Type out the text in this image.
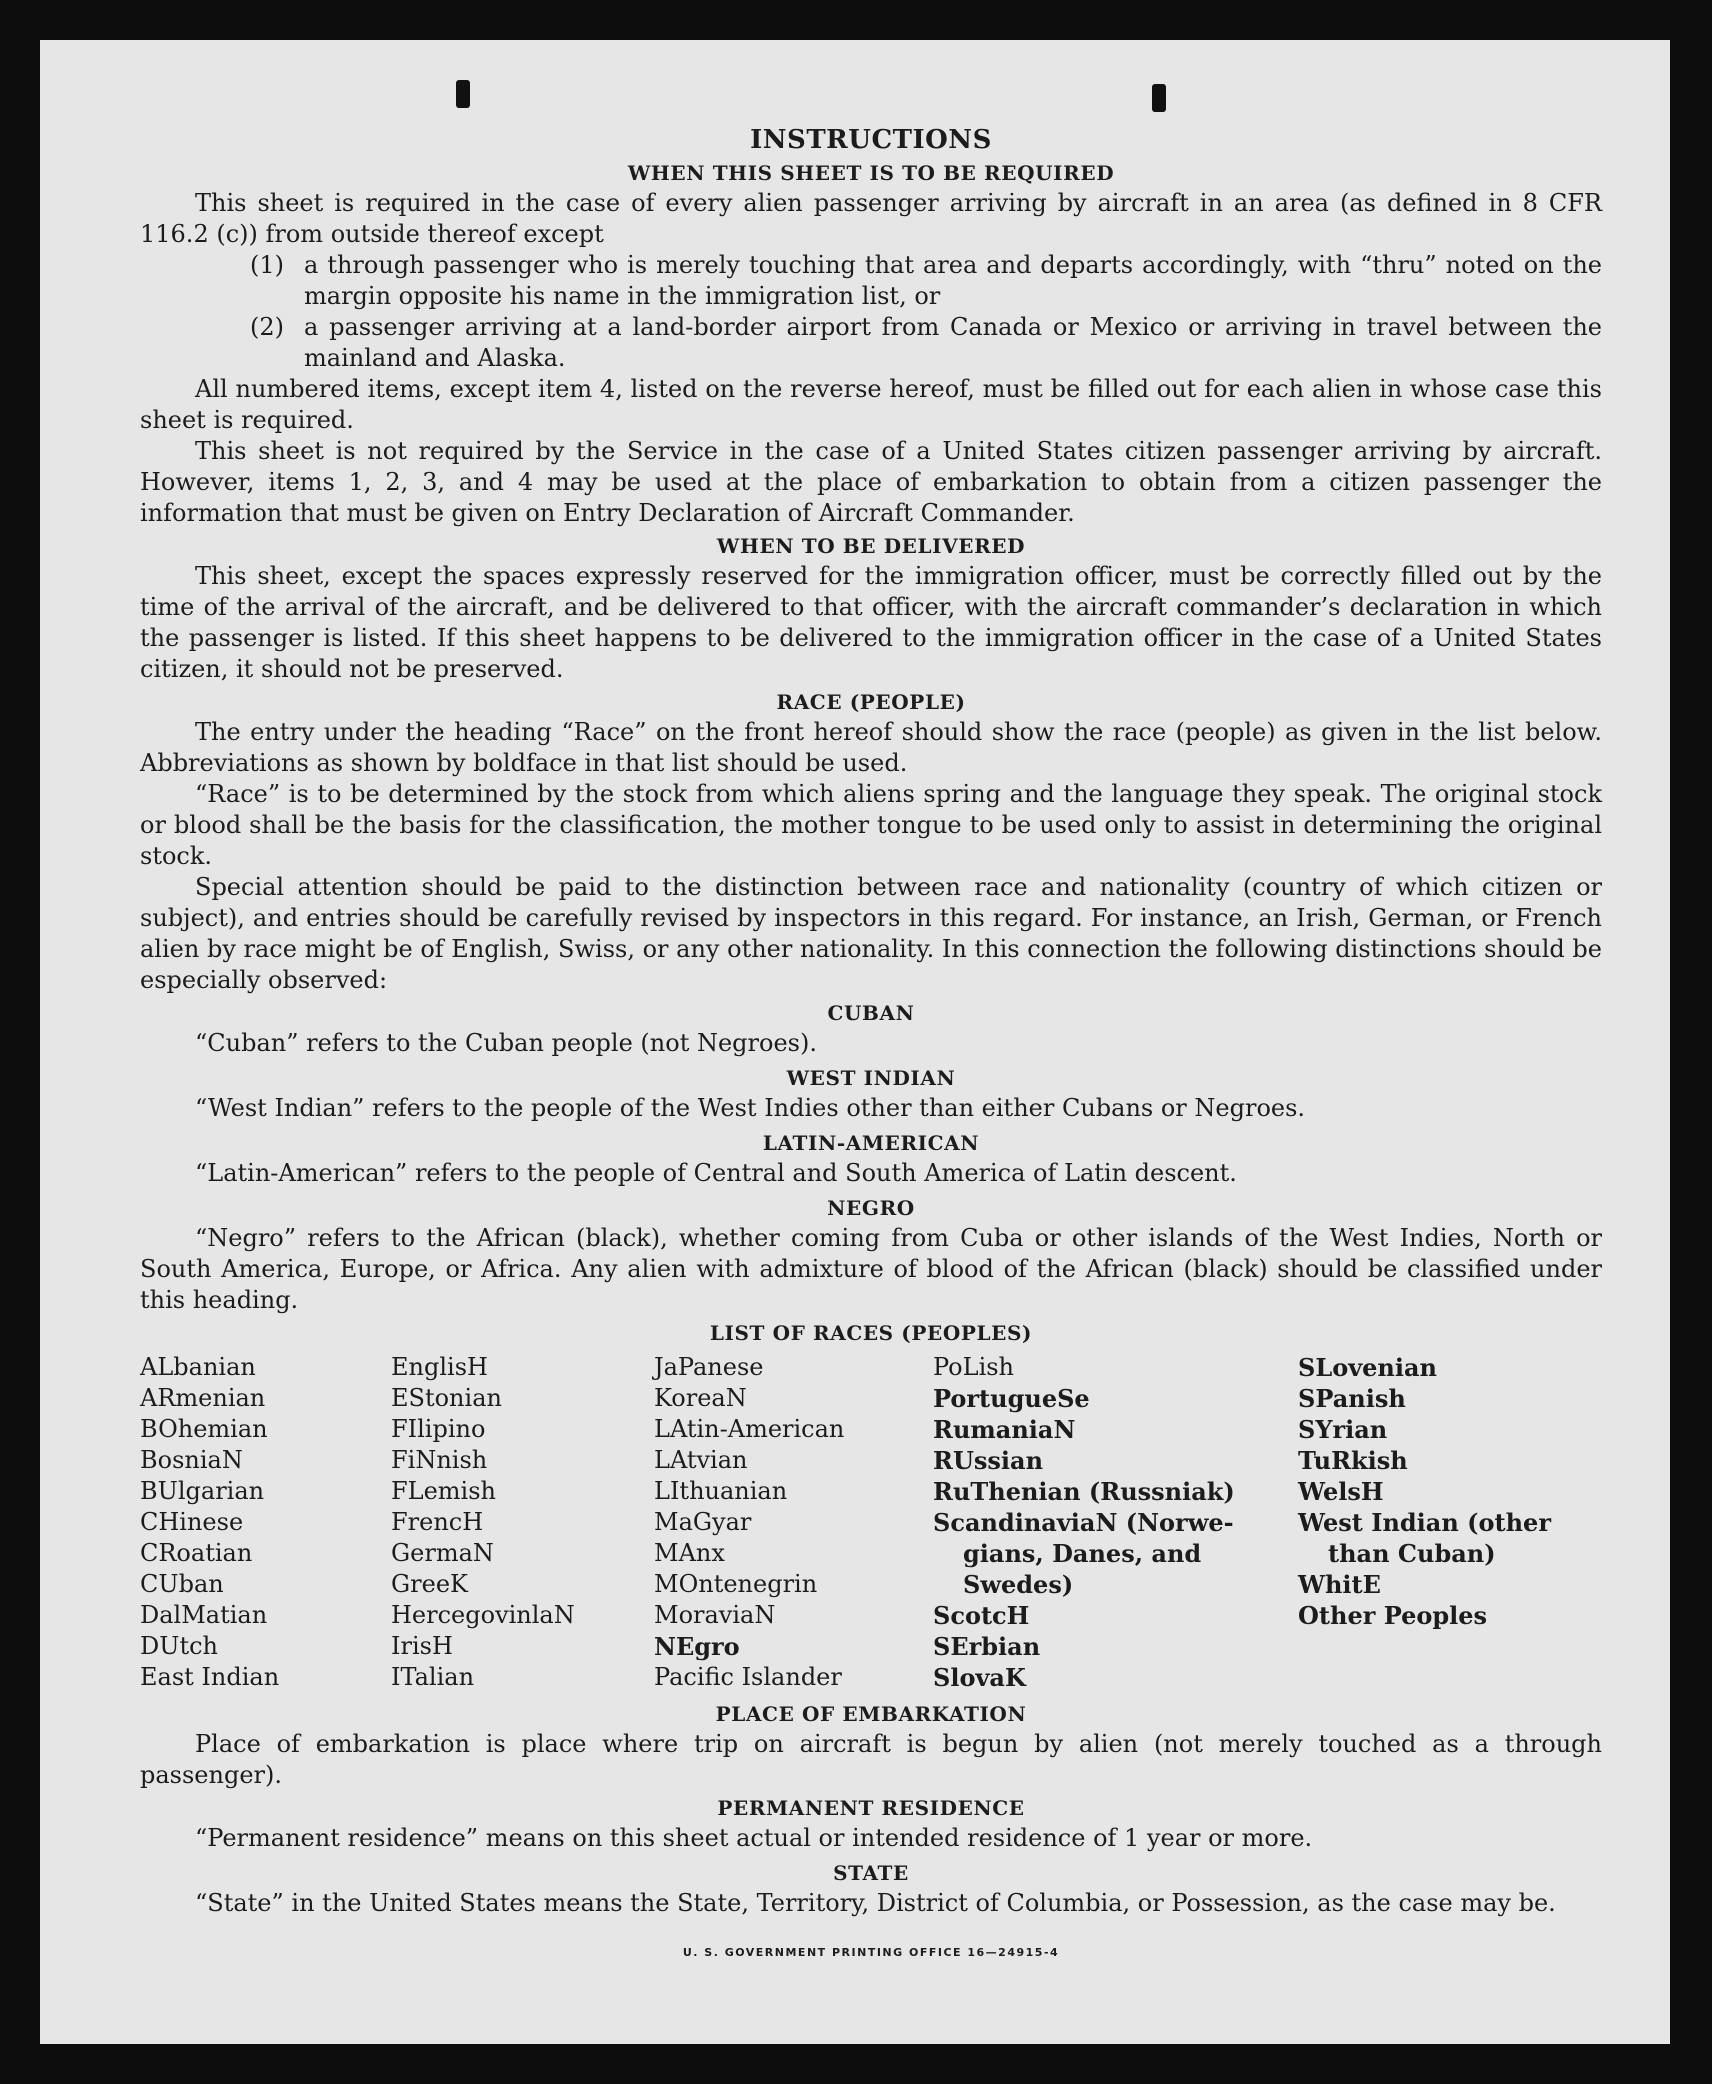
INSTRUCTIONS
WHEN THIS SHEET IS TO BE REQUIRED

This sheet is required in the case of every alien passenger arriving by aircraft in an area (as defined in 8 CFR 116.2 (c)) from outside thereof except

(1) a through passenger who is merely touching that area and departs accordingly, with “thru” noted on the margin opposite his name in the immigration list, or
(2) a passenger arriving at a land-border airport from Canada or Mexico or arriving in travel between the mainland and Alaska.

All numbered items, except item 4, listed on the reverse hereof, must be filled out for each alien in whose case this sheet is required.

This sheet is not required by the Service in the case of a United States citizen passenger arriving by aircraft. However, items 1, 2, 3, and 4 may be used at the place of embarkation to obtain from a citizen passenger the information that must be given on Entry Declaration of Aircraft Commander.

WHEN TO BE DELIVERED

This sheet, except the spaces expressly reserved for the immigration officer, must be correctly filled out by the time of the arrival of the aircraft, and be delivered to that officer, with the aircraft commander’s declaration in which the passenger is listed. If this sheet happens to be delivered to the immigration officer in the case of a United States citizen, it should not be preserved.

RACE (PEOPLE)

The entry under the heading “Race” on the front hereof should show the race (people) as given in the list below. Abbreviations as shown by boldface in that list should be used.

“Race” is to be determined by the stock from which aliens spring and the language they speak. The original stock or blood shall be the basis for the classification, the mother tongue to be used only to assist in determining the original stock.

Special attention should be paid to the distinction between race and nationality (country of which citizen or subject), and entries should be carefully revised by inspectors in this regard. For instance, an Irish, German, or French alien by race might be of English, Swiss, or any other nationality. In this connection the following distinctions should be especially observed:

CUBAN

“Cuban” refers to the Cuban people (not Negroes).

WEST INDIAN

“West Indian” refers to the people of the West Indies other than either Cubans or Negroes.

LATIN-AMERICAN

“Latin-American” refers to the people of Central and South America of Latin descent.

NEGRO

“Negro” refers to the African (black), whether coming from Cuba or other islands of the West Indies, North or South America, Europe, or Africa. Any alien with admixture of blood of the African (black) should be classified under this heading.

LIST OF RACES (PEOPLES)
ALbanian
ARmenian
BOhemian
BosniaN
BUlgarian
CHinese
CRoatian
CUban
DalMatian
DUtch
East Indian
EnglisH
EStonian
FIlipino
FiNnish
FLemish
FrencH
GermaN
GreeK
HercegovinlaN
IrisH
ITalian
JaPanese
KoreaN
LAtin-American
LAtvian
LIthuanian
MaGyar
MAnx
MOntenegrin
MoraviaN
NEgro
Pacific Islander
PoLish
PortugueSe
RumaniaN
RUssian
RuThenian (Russniak)
ScandinaviaN (Norwe-
gians, Danes, and
Swedes)
ScotcH
SErbian
SlovaK
SLovenian
SPanish
SYrian
TuRkish
WelsH
West Indian (other
than Cuban)
WhitE
Other Peoples
PLACE OF EMBARKATION

Place of embarkation is place where trip on aircraft is begun by alien (not merely touched as a through passenger).

PERMANENT RESIDENCE

“Permanent residence” means on this sheet actual or intended residence of 1 year or more.

STATE

“State” in the United States means the State, Territory, District of Columbia, or Possession, as the case may be.

U. S. GOVERNMENT PRINTING OFFICE 16—24915-4
